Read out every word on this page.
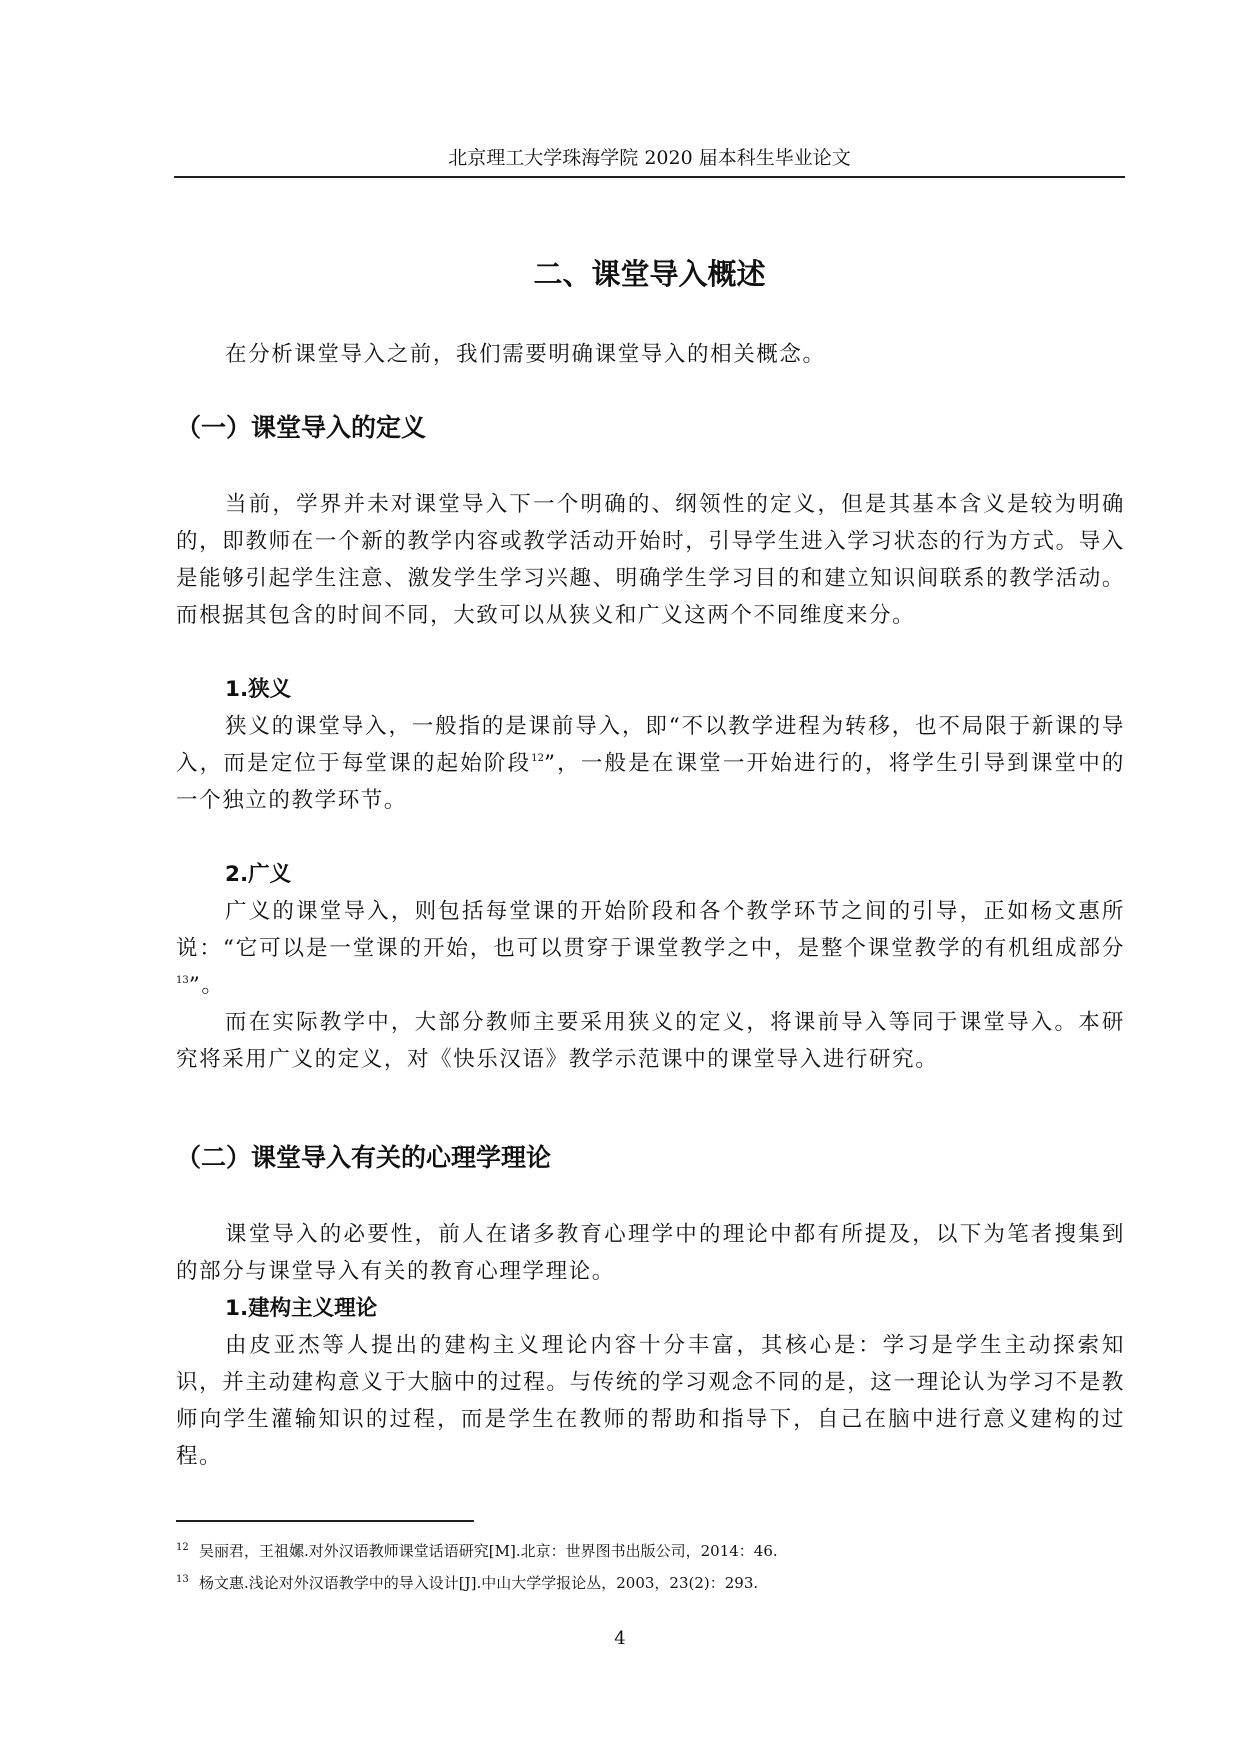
北京理工大学珠海学院 2020 届本科生毕业论文
二、课堂导入概述
在分析课堂导入之前，我们需要明确课堂导入的相关概念。
（一）课堂导入的定义
当前，学界并未对课堂导入下一个明确的、纲领性的定义，但是其基本含义是较为明确的，即教师在一个新的教学内容或教学活动开始时，引导学生进入学习状态的行为方式。导入是能够引起学生注意、激发学生学习兴趣、明确学生学习目的和建立知识间联系的教学活动。而根据其包含的时间不同，大致可以从狭义和广义这两个不同维度来分。
1.狭义
狭义的课堂导入，一般指的是课前导入，即“不以教学进程为转移，也不局限于新课的导入，而是定位于每堂课的起始阶段$^{12}$”，一般是在课堂一开始进行的，将学生引导到课堂中的一个独立的教学环节。
2.广义
广义的课堂导入，则包括每堂课的开始阶段和各个教学环节之间的引导，正如杨文惠所说：“它可以是一堂课的开始，也可以贯穿于课堂教学之中，是整个课堂教学的有机组成部分$^{13}$”。
而在实际教学中，大部分教师主要采用狭义的定义，将课前导入等同于课堂导入。本研究将采用广义的定义，对《快乐汉语》教学示范课中的课堂导入进行研究。
（二）课堂导入有关的心理学理论
课堂导入的必要性，前人在诸多教育心理学中的理论中都有所提及，以下为笔者搜集到的部分与课堂导入有关的教育心理学理论。
1.建构主义理论
由皮亚杰等人提出的建构主义理论内容十分丰富，其核心是：学习是学生主动探索知识，并主动建构意义于大脑中的过程。与传统的学习观念不同的是，这一理论认为学习不是教师向学生灌输知识的过程，而是学生在教师的帮助和指导下，自己在脑中进行意义建构的过程。
12 吴丽君，王祖嫘.对外汉语教师课堂话语研究[M].北京：世界图书出版公司，2014：46.
13 杨文惠.浅论对外汉语教学中的导入设计[J].中山大学学报论丛，2003，23(2)：293.
4
